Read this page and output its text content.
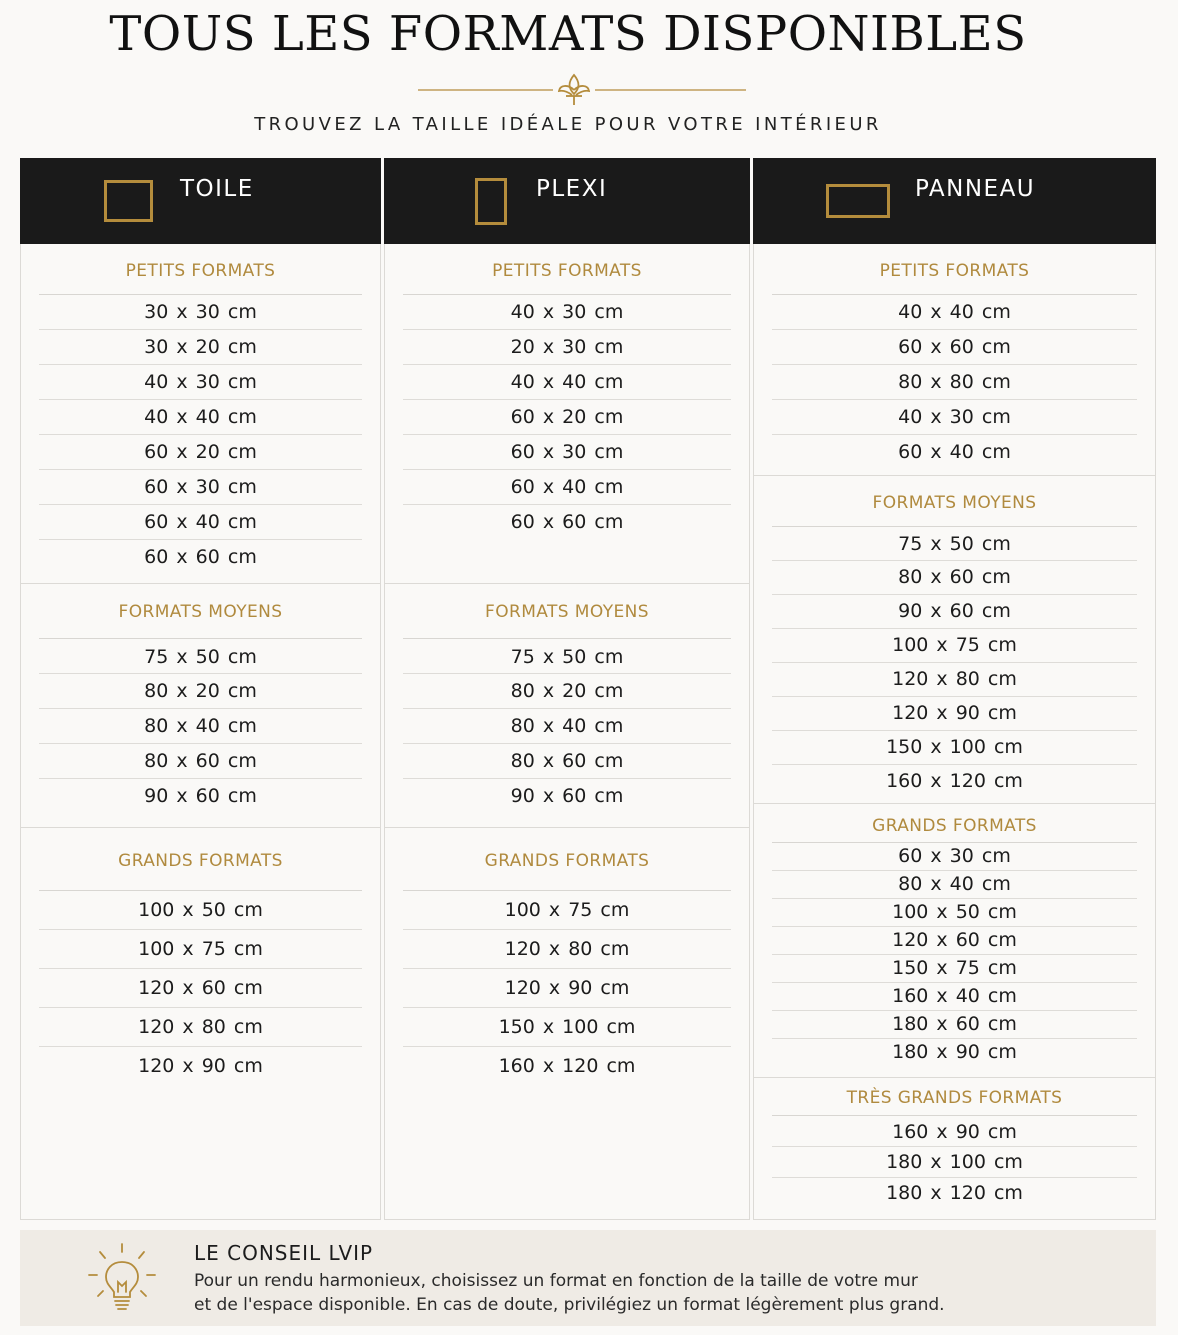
TOUS LES FORMATS DISPONIBLES
TROUVEZ LA TAILLE IDÉALE POUR VOTRE INTÉRIEUR
TOILE
PETITS FORMATS
30 x 30 cm
30 x 20 cm
40 x 30 cm
40 x 40 cm
60 x 20 cm
60 x 30 cm
60 x 40 cm
60 x 60 cm
FORMATS MOYENS
75 x 50 cm
80 x 20 cm
80 x 40 cm
80 x 60 cm
90 x 60 cm
GRANDS FORMATS
100 x 50 cm
100 x 75 cm
120 x 60 cm
120 x 80 cm
120 x 90 cm
PLEXI
PETITS FORMATS
40 x 30 cm
20 x 30 cm
40 x 40 cm
60 x 20 cm
60 x 30 cm
60 x 40 cm
60 x 60 cm
FORMATS MOYENS
75 x 50 cm
80 x 20 cm
80 x 40 cm
80 x 60 cm
90 x 60 cm
GRANDS FORMATS
100 x 75 cm
120 x 80 cm
120 x 90 cm
150 x 100 cm
160 x 120 cm
PANNEAU
PETITS FORMATS
40 x 40 cm
60 x 60 cm
80 x 80 cm
40 x 30 cm
60 x 40 cm
FORMATS MOYENS
75 x 50 cm
80 x 60 cm
90 x 60 cm
100 x 75 cm
120 x 80 cm
120 x 90 cm
150 x 100 cm
160 x 120 cm
GRANDS FORMATS
60 x 30 cm
80 x 40 cm
100 x 50 cm
120 x 60 cm
150 x 75 cm
160 x 40 cm
180 x 60 cm
180 x 90 cm
TRÈS GRANDS FORMATS
160 x 90 cm
180 x 100 cm
180 x 120 cm
LE CONSEIL LVIP
Pour un rendu harmonieux, choisissez un format en fonction de la taille de votre mur
et de l'espace disponible. En cas de doute, privilégiez un format légèrement plus grand.
